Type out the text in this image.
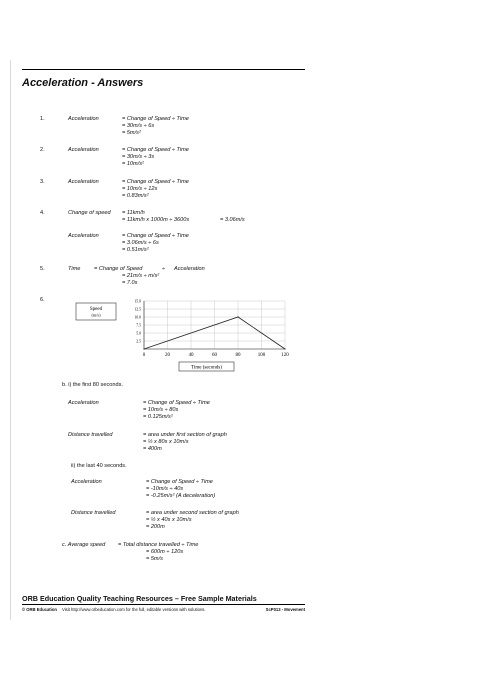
Acceleration - Answers
1.	Acceleration	= Change of Speed ÷ Time
= 30m/s ÷ 6s
= 5m/s²
2.	Acceleration	= Change of Speed ÷ Time
= 30m/s ÷ 3s
= 10m/s²
3.	Acceleration	= Change of Speed ÷ Time
= 10m/s ÷ 12s
= 0.83m/s²
4.	Change of speed = 11km/h
= 11km/h x 1000m ÷ 3600s	= 3.06m/s
Acceleration	= Change of Speed ÷ Time
= 3.06m/s ÷ 6s
= 0.51m/s²
5.	Time = Change of Speed	÷ Acceleration
= 21m/s ÷ m/s²
= 7.0s
6.
Speed
(m/s)
2.5
5.0
7.5
10.0
12.5
15.0
0	20	40	60	80	100	120
Time (seconds)
b. i) the first 80 seconds.
Acceleration	= Change of Speed ÷ Time
= 10m/s ÷ 80s
= 0.125m/s²
Distance travelled	= area under first section of graph
= ½ x 80s x 10m/s
= 400m
ii) the last 40 seconds.
Acceleration	= Change of Speed ÷ Time
= -10m/s ÷ 40s
= -0.25m/s² (A deceleration)
Distance travelled	= area under second section of graph
= ½ x 40s x 10m/s
= 200m
c. Average speed = Total distance travelled ÷ Time
= 600m ÷ 120s
= 5m/s
ORB Education Quality Teaching Resources – Free Sample Materials
© ORB Education Visit http://www.orbeducation.com for the full, editable versions with solutions.	ScP013 - Movement
